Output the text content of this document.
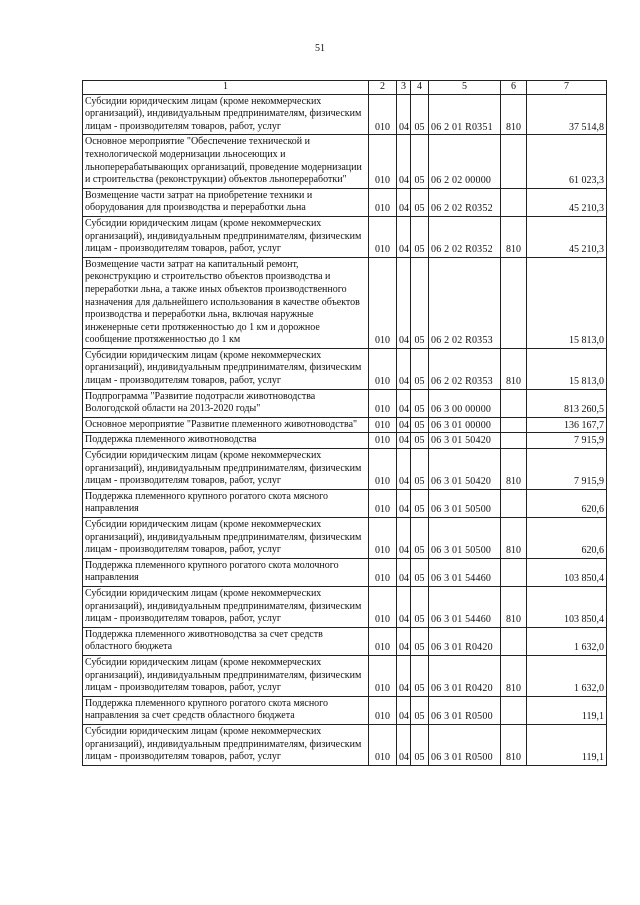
51
1	2	3	4	5	6	7
Субсидии юридическим лицам (кроме некоммерческих организаций), индивидуальным предпринимателям, физическим лицам - производителям товаров, работ, услуг	010	04	05	06 2 01 R0351	810	37 514,8
Основное мероприятие "Обеспечение технической и технологической модернизации льносеющих и льноперерабатывающих организаций, проведение модернизации и строительства (реконструкции) объектов льнопереработки"	010	04	05	06 2 02 00000		61 023,3
Возмещение части затрат на приобретение техники и оборудования для производства и переработки льна	010	04	05	06 2 02 R0352		45 210,3
Субсидии юридическим лицам (кроме некоммерческих организаций), индивидуальным предпринимателям, физическим лицам - производителям товаров, работ, услуг	010	04	05	06 2 02 R0352	810	45 210,3
Возмещение части затрат на капитальный ремонт, реконструкцию и строительство объектов производства и переработки льна, а также иных объектов производственного назначения для дальнейшего использования в качестве объектов производства и переработки льна, включая наружные инженерные сети протяженностью до 1 км и дорожное сообщение протяженностью до 1 км	010	04	05	06 2 02 R0353		15 813,0
Субсидии юридическим лицам (кроме некоммерческих организаций), индивидуальным предпринимателям, физическим лицам - производителям товаров, работ, услуг	010	04	05	06 2 02 R0353	810	15 813,0
Подпрограмма "Развитие подотрасли животноводства Вологодской области на 2013-2020 годы"	010	04	05	06 3 00 00000		813 260,5
Основное мероприятие "Развитие племенного животноводства"	010	04	05	06 3 01 00000		136 167,7
Поддержка племенного животноводства	010	04	05	06 3 01 50420		7 915,9
Субсидии юридическим лицам (кроме некоммерческих организаций), индивидуальным предпринимателям, физическим лицам - производителям товаров, работ, услуг	010	04	05	06 3 01 50420	810	7 915,9
Поддержка племенного крупного рогатого скота мясного направления	010	04	05	06 3 01 50500		620,6
Субсидии юридическим лицам (кроме некоммерческих организаций), индивидуальным предпринимателям, физическим лицам - производителям товаров, работ, услуг	010	04	05	06 3 01 50500	810	620,6
Поддержка племенного крупного рогатого скота молочного направления	010	04	05	06 3 01 54460		103 850,4
Субсидии юридическим лицам (кроме некоммерческих организаций), индивидуальным предпринимателям, физическим лицам - производителям товаров, работ, услуг	010	04	05	06 3 01 54460	810	103 850,4
Поддержка племенного животноводства за счет средств областного бюджета	010	04	05	06 3 01 R0420		1 632,0
Субсидии юридическим лицам (кроме некоммерческих организаций), индивидуальным предпринимателям, физическим лицам - производителям товаров, работ, услуг	010	04	05	06 3 01 R0420	810	1 632,0
Поддержка племенного крупного рогатого скота мясного направления за счет средств областного бюджета	010	04	05	06 3 01 R0500		119,1
Субсидии юридическим лицам (кроме некоммерческих организаций), индивидуальным предпринимателям, физическим лицам - производителям товаров, работ, услуг	010	04	05	06 3 01 R0500	810	119,1
